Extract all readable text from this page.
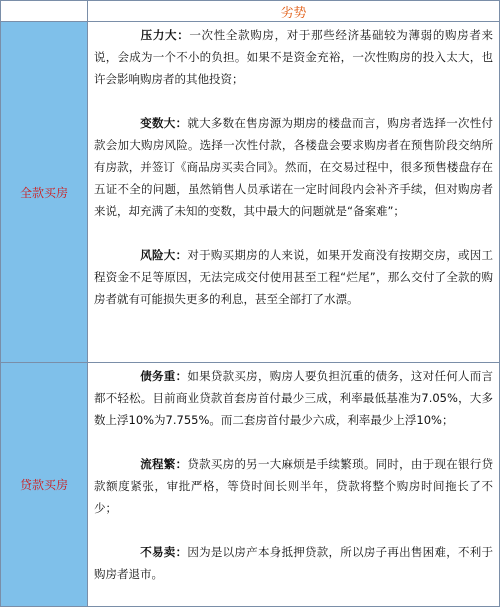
劣势
全款买房

压力大：一次性全款购房，对于那些经济基础较为薄弱的购房者来说，会成为一个不小的负担。如果不是资金充裕，一次性购房的投入太大，也许会影响购房者的其他投资；

变数大：就大多数在售房源为期房的楼盘而言，购房者选择一次性付款会加大购房风险。选择一次性付款，各楼盘会要求购房者在预售阶段交纳所有房款，并签订《商品房买卖合同》。然而，在交易过程中，很多预售楼盘存在五证不全的问题，虽然销售人员承诺在一定时间段内会补齐手续，但对购房者来说，却充满了未知的变数，其中最大的问题就是“备案难”；

风险大：对于购买期房的人来说，如果开发商没有按期交房，或因工程资金不足等原因，无法完成交付使用甚至工程“烂尾”，那么交付了全款的购房者就有可能损失更多的利息，甚至全部打了水漂。

贷款买房

债务重：如果贷款买房，购房人要负担沉重的债务，这对任何人而言都不轻松。目前商业贷款首套房首付最少三成，利率最低基准为7.05%，大多数上浮10%为7.755%。而二套房首付最少六成，利率最少上浮10%；

流程繁：贷款买房的另一大麻烦是手续繁琐。同时，由于现在银行贷款额度紧张，审批严格，等贷时间长则半年，贷款将整个购房时间拖长了不少；

不易卖：因为是以房产本身抵押贷款，所以房子再出售困难，不利于购房者退市。
